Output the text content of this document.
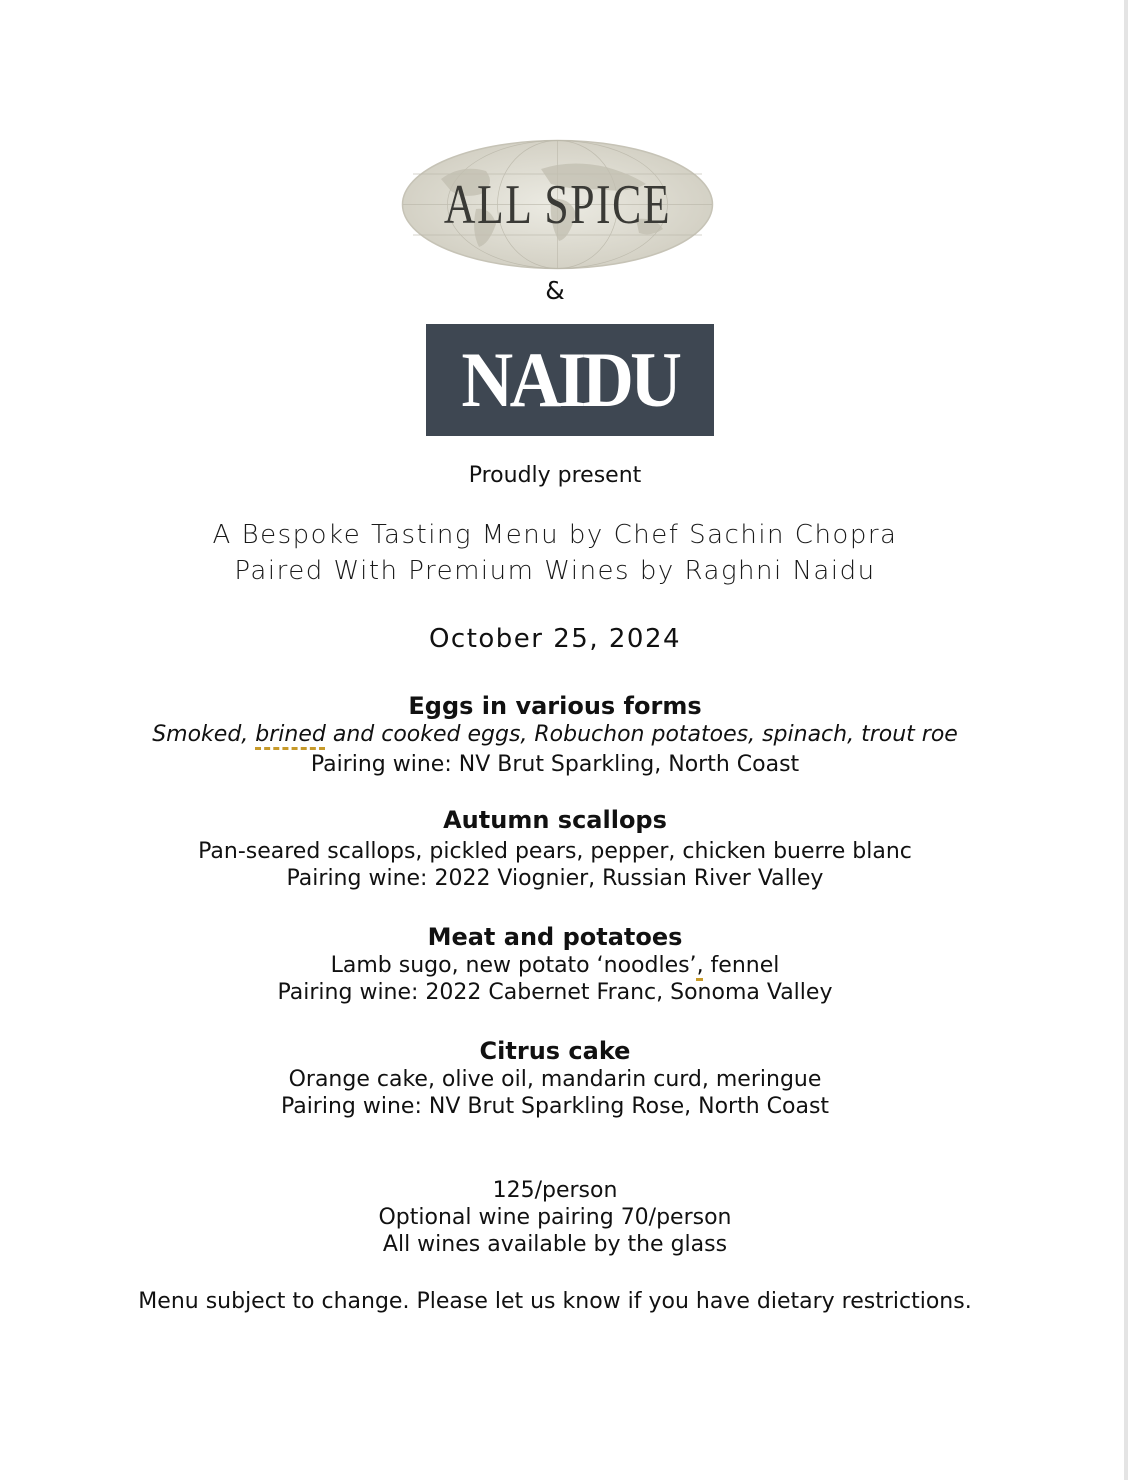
ALL SPICE
&
NAIDU
Proudly present
A Bespoke Tasting Menu by Chef Sachin Chopra
Paired With Premium Wines by Raghni Naidu
October 25, 2024
Eggs in various forms
Smoked, brined and cooked eggs, Robuchon potatoes, spinach, trout roe
Pairing wine: NV Brut Sparkling, North Coast
Autumn scallops
Pan-seared scallops, pickled pears, pepper, chicken buerre blanc
Pairing wine: 2022 Viognier, Russian River Valley
Meat and potatoes
Lamb sugo, new potato ‘noodles’, fennel
Pairing wine: 2022 Cabernet Franc, Sonoma Valley
Citrus cake
Orange cake, olive oil, mandarin curd, meringue
Pairing wine: NV Brut Sparkling Rose, North Coast
125/person
Optional wine pairing 70/person
All wines available by the glass
Menu subject to change. Please let us know if you have dietary restrictions.
